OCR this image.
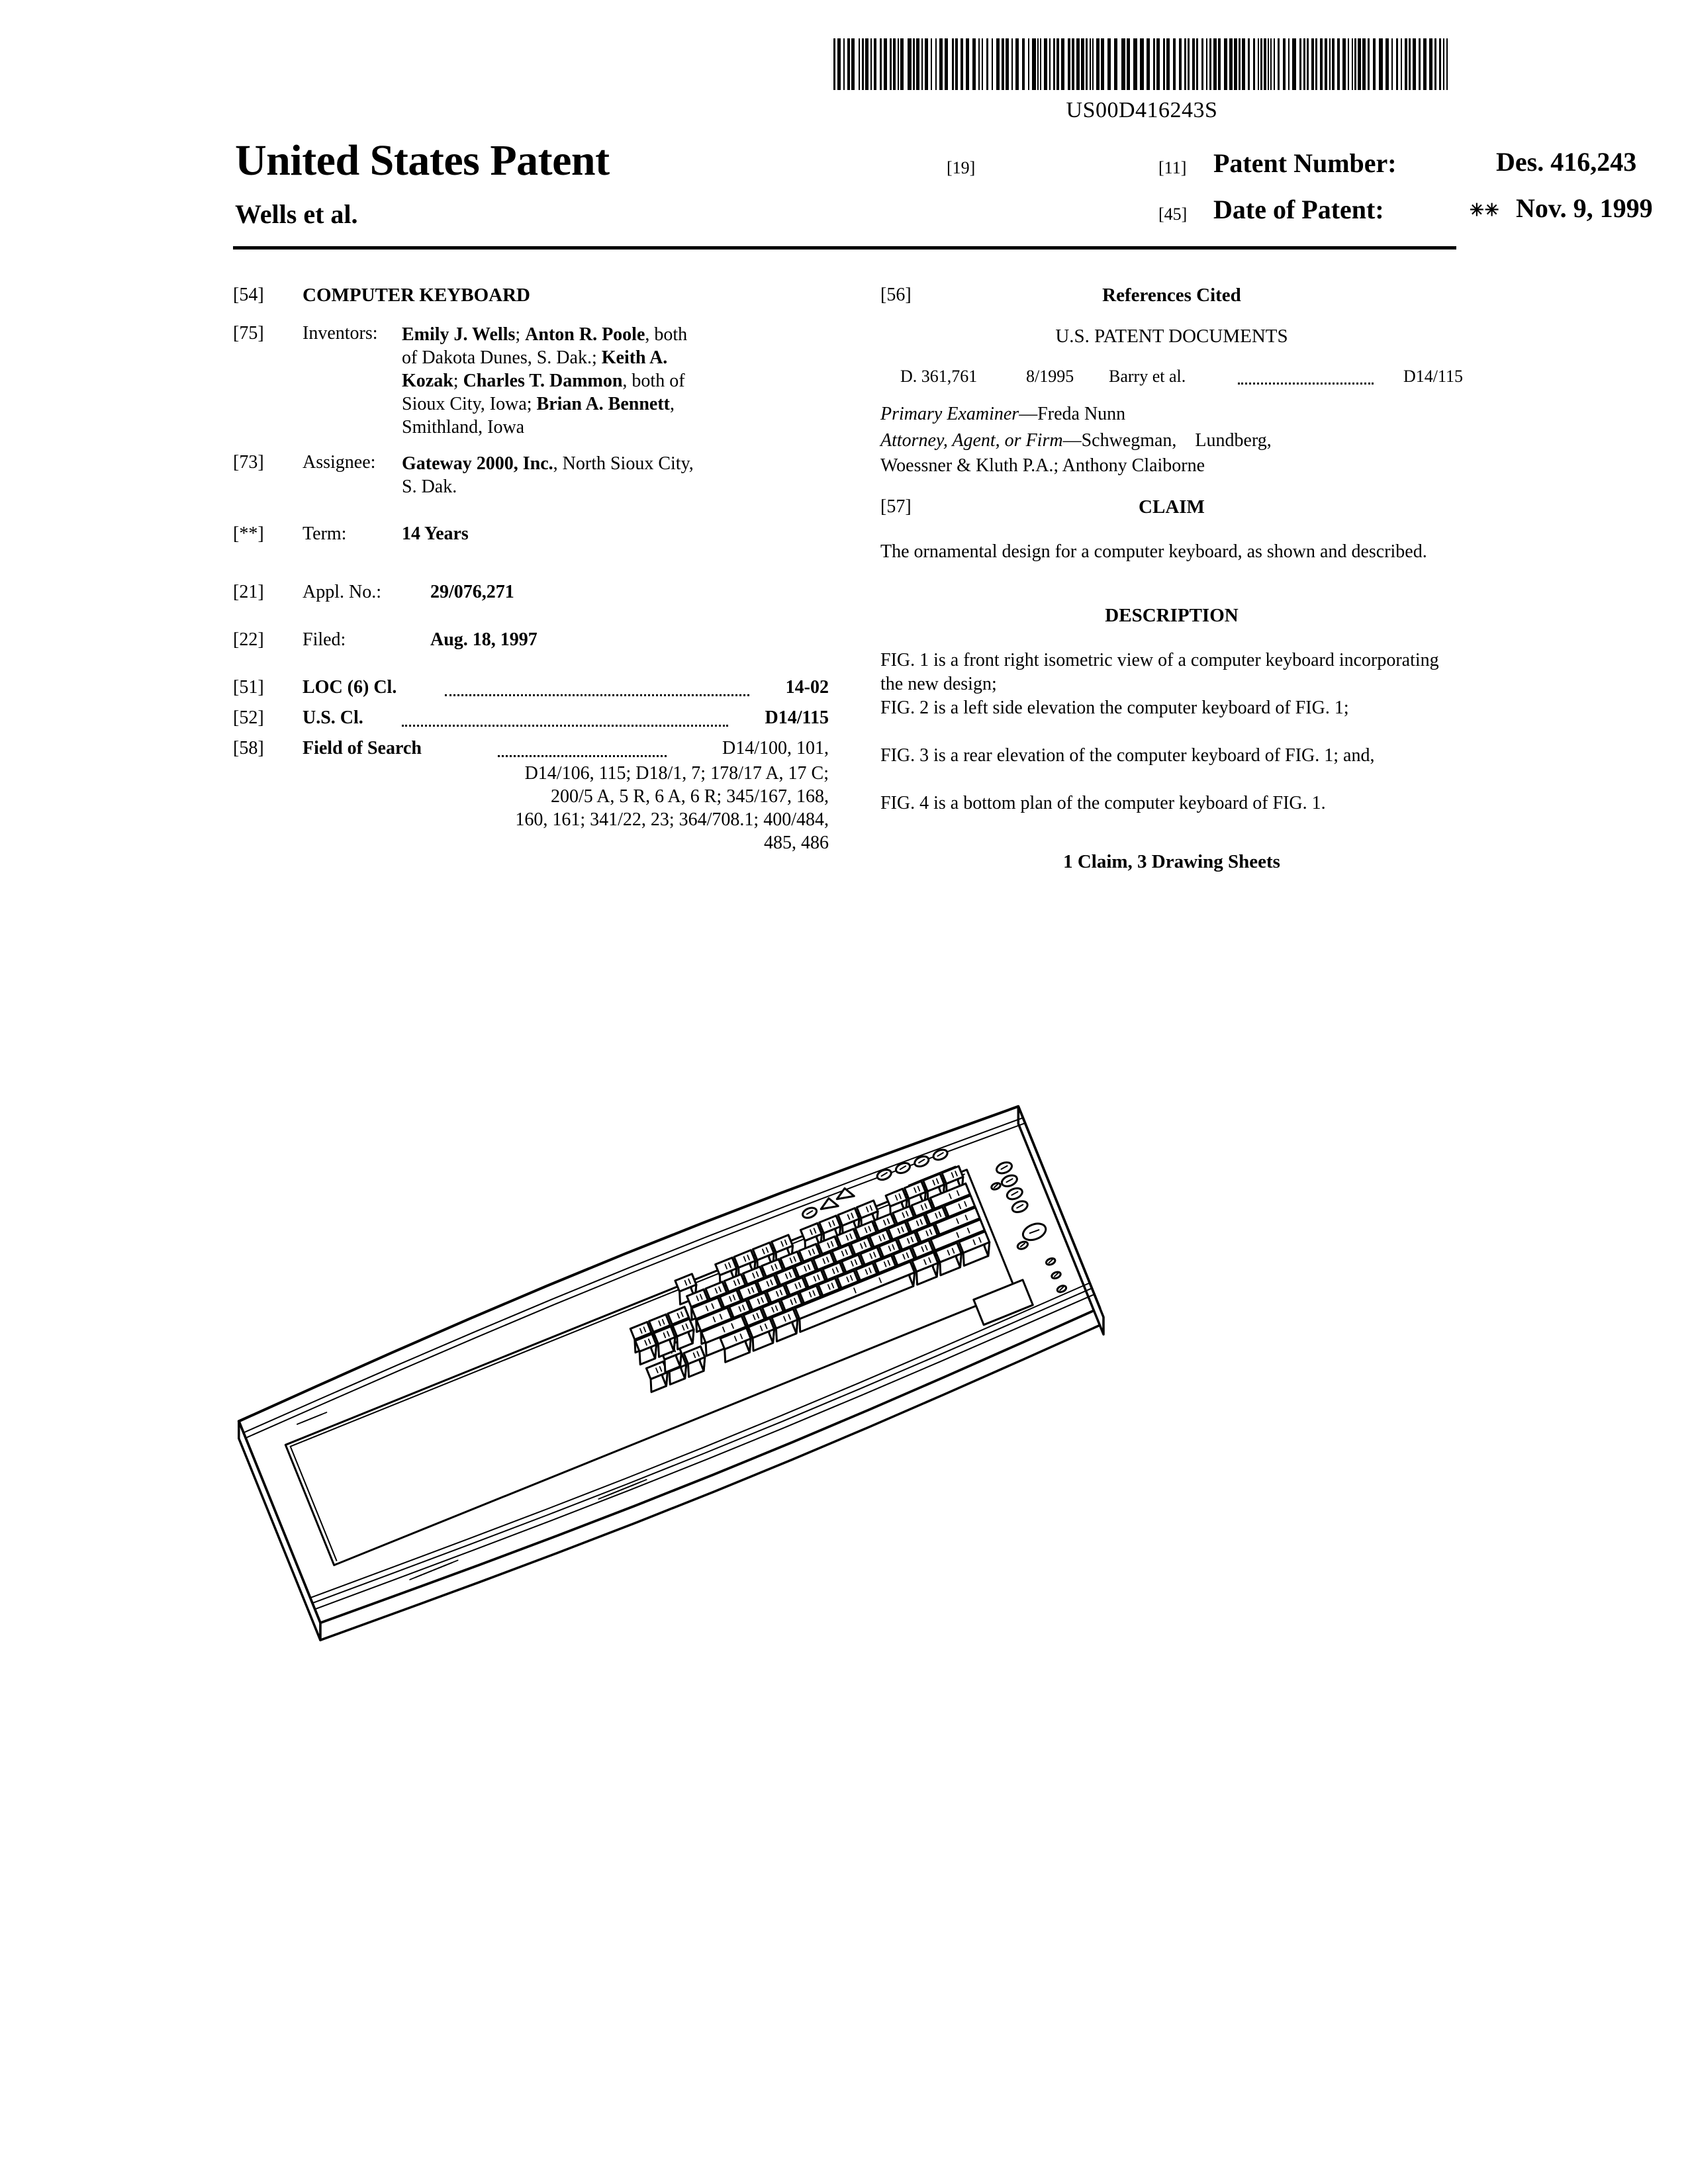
US00D416243S
United States Patent	[19]
Wells et al.
[11] Patent Number:	Des. 416,243
[45] Date of Patent:	✳✳ Nov. 9, 1999
[54] COMPUTER KEYBOARD
[75] Inventors: Emily J. Wells; Anton R. Poole, both
of Dakota Dunes, S. Dak.; Keith A.
Kozak; Charles T. Dammon, both of
Sioux City, Iowa; Brian A. Bennett,
Smithland, Iowa
[73] Assignee: Gateway 2000, Inc., North Sioux City,
S. Dak.
[**] Term:	14 Years
[21] Appl. No.:	29/076,271
[22] Filed:	Aug. 18, 1997
[51] LOC (6) Cl.	14-02
[52] U.S. Cl.	D14/115
[58] Field of Search	D14/100, 101,
D14/106, 115; D18/1, 7; 178/17 A, 17 C;
200/5 A, 5 R, 6 A, 6 R; 345/167, 168,
160, 161; 341/22, 23; 364/708.1; 400/484,
485, 486
[56]	References Cited
U.S. PATENT DOCUMENTS
D. 361,761	8/1995 Barry et al.	D14/115
Primary Examiner—Freda Nunn
Attorney, Agent, or Firm—Schwegman,    Lundberg,
Woessner & Kluth P.A.; Anthony Claiborne
[57]	CLAIM
The ornamental design for a computer keyboard, as shown and described.
DESCRIPTION
FIG. 1 is a front right isometric view of a computer keyboard incorporating the new design;
FIG. 2 is a left side elevation the computer keyboard of FIG. 1;
FIG. 3 is a rear elevation of the computer keyboard of FIG. 1; and,
FIG. 4 is a bottom plan of the computer keyboard of FIG. 1.
1 Claim, 3 Drawing Sheets
